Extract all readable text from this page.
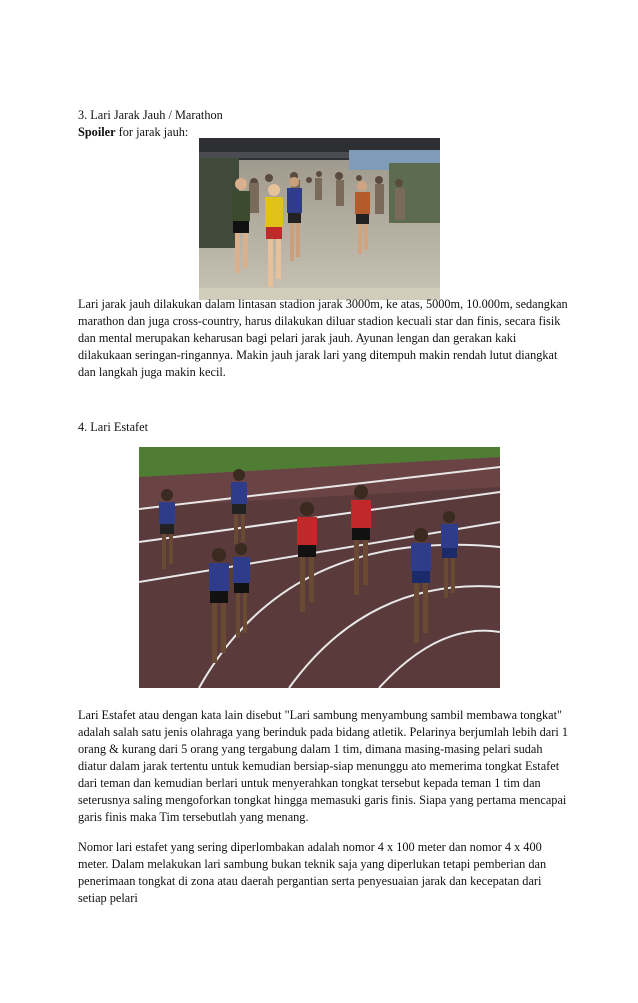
3. Lari Jarak Jauh / Marathon
Spoiler for jarak jauh:
Lari jarak jauh dilakukan dalam lintasan stadion jarak 3000m, ke atas, 5000m, 10.000m, sedangkan marathon dan juga cross-country, harus dilakukan diluar stadion kecuali star dan finis, secara fisik dan mental merupakan keharusan bagi pelari jarak jauh. Ayunan lengan dan gerakan kaki dilakukaan seringan-ringannya. Makin jauh jarak lari yang ditempuh makin rendah lutut diangkat dan langkah juga makin kecil.
4. Lari Estafet
Lari Estafet atau dengan kata lain disebut "Lari sambung menyambung sambil membawa tongkat" adalah salah satu jenis olahraga yang berinduk pada bidang atletik. Pelarinya berjumlah lebih dari 1 orang & kurang dari 5 orang yang tergabung dalam 1 tim, dimana masing-masing pelari sudah diatur dalam jarak tertentu untuk kemudian bersiap-siap menunggu ato memerima tongkat Estafet dari teman dan kemudian berlari untuk menyerahkan tongkat tersebut kepada teman 1 tim dan seterusnya saling mengoforkan tongkat hingga memasuki garis finis. Siapa yang pertama mencapai garis finis maka Tim tersebutlah yang menang.
Nomor lari estafet yang sering diperlombakan adalah nomor 4 x 100 meter dan nomor 4 x 400 meter. Dalam melakukan lari sambung bukan teknik saja yang diperlukan tetapi pemberian dan penerimaan tongkat di zona atau daerah pergantian serta penyesuaian jarak dan kecepatan dari setiap pelari
